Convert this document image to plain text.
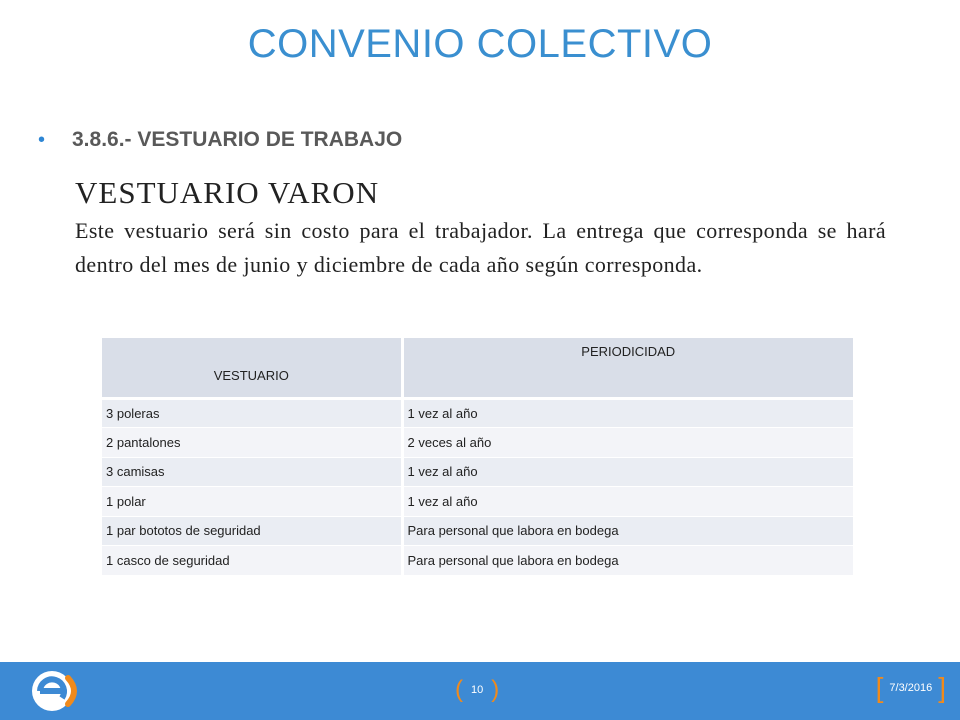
CONVENIO COLECTIVO
•	3.8.6.- VESTUARIO DE TRABAJO
VESTUARIO VARON
Este vestuario será sin costo para el trabajador. La entrega que corresponda se hará dentro del mes de junio y diciembre de cada año según corresponda.
VESTUARIO	PERIODICIDAD
3 poleras	1 vez al año
2 pantalones	2 veces al año
3 camisas	1 vez al año
1 polar	1 vez al año
1 par bototos de seguridad	Para personal que labora en bodega
1 casco de seguridad	Para personal que labora en bodega
( 10 )	[ 7/3/2016 ]
